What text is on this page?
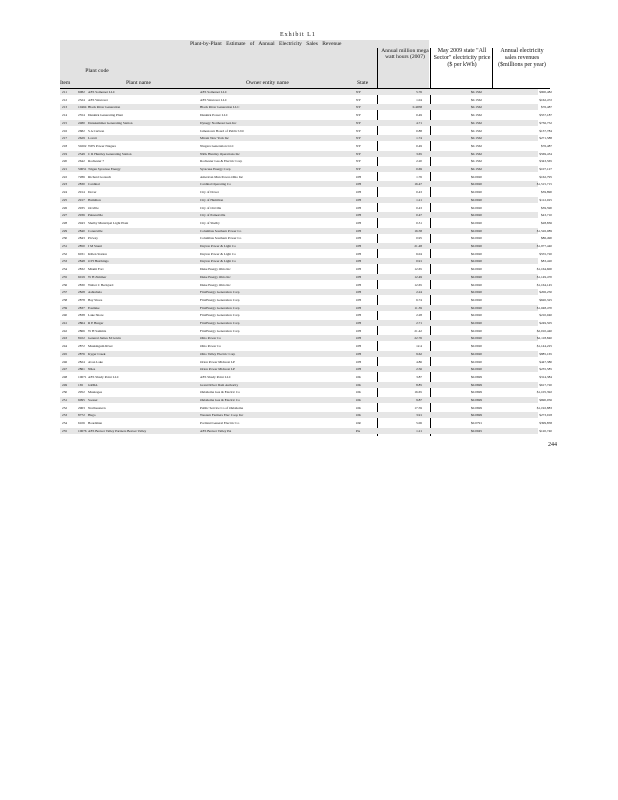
Exhibit L1
Plant-by-Plant Estimate of Annual Electricity Sales Revenue
Item
Plant code
Plant name	Owner entity name	State
Annual million mega watt hours (2007)
May 2009 state "All Sector" electricity price ($ per kWh)
Annual electricity sales revenues ($millions per year)
211	6082 AES Somerset LLC	AES Somerset LLC	NY	5.76	$0.1562	$900,482
212	2324 AES Westover	AES Westover LLC	NY	1.04	$0.1562	$162,472
213	10464 Black River Generation	Black River Generation LLC	NY	0.4958	$0.1562	$76,487
214	2554 Dunkirk Generating Plant	Dunkirk Power LLC	NY	0.49	$0.1562	$557,187
215	2480 Danskammer Generating Station	Dynegy Northeast Gen Inc	NY	4.71	$0.1562	$736,752
216	2682 S A Carlson	Jamestown Board of Public Util	NY	0.88	$0.1562	$137,784
217	2629 Lovett	Mirant New York Inc	NY	1.74	$0.1562	$271,588
218	50202 WPS Power Niagara	Niagara Generation LLC	NY	0.49	$0.1562	$76,487
219	2549 C R Huntley Generating Station	NRG Huntley Operations Inc	NY	3.65	$0.1562	$569,434
220	2642 Rochester 7	Rochester Gas & Electric Corp	NY	2.20	$0.1562	$343,565
221	50651 Trigen Syracuse Energy	Syracuse Energy Corp	NY	0.69	$0.1562	$107,127
222	7286 Richard Gorsuch	American Mun Power-Ohio Inc	OH	1.76	$0.0920	$162,795
223	2830 Cardinal	Cardinal Operating Co	OH	16.47	$0.0920	$1,515,715
224	2914 Dover	City of Dover	OH	0.43	$0.0920	$39,890
225	2917 Hamilton	City of Hamilton	OH	1.21	$0.0920	$112,025
226	2935 Orrville	City of Orrville	OH	0.43	$0.0920	$39,590
227	2936 Painesville	City of Painesville	OH	0.47	$0.0920	$43,710
228	2943 Shelby Municipal Light Plant	City of Shelby	OH	0.31	$0.0920	$28,836
229	2840 Conesville	Columbus Southern Power Co	OH	16.58	$0.0920	$1,526,089
230	2843 Picway	Columbus Southern Power Co	OH	0.95	$0.0920	$86,490
231	2850 J M Stuart	Dayton Power & Light Co	OH	21.48	$0.0920	$1,977,440
232	6031 Killen Station	Dayton Power & Light Co	OH	6.04	$0.0920	$555,720
233	2848 O H Hutchings	Dayton Power & Light Co	OH	0.91	$0.0920	$83,420
234	2832 Miami Fort	Duke Energy Ohio Inc	OH	12.65	$0.0920	$1,164,600
235	6019 W H Zimmer	Duke Energy Ohio Inc	OH	12.49	$0.0920	$1,149,470
236	2830 Walter C Beckjord	Duke Energy Ohio Inc	OH	12.65	$0.0920	$1,164,145
237	2828 Ashtabula	FirstEnergy Generation Corp	OH	2.24	$0.0920	$206,250
238	2878 Bay Shore	FirstEnergy Generation Corp	OH	6.74	$0.0920	$620,325
239	2837 Eastlake	FirstEnergy Generation Corp	OH	11.39	$0.0920	$1,048,470
240	2838 Lake Shore	FirstEnergy Generation Corp	OH	2.28	$0.0920	$210,040
241	2864 R E Burger	FirstEnergy Generation Corp	OH	2.71	$0.0920	$249,505
242	2866 W H Sammis	FirstEnergy Generation Corp	OH	21.42	$0.0920	$2,010,440
243	8102 General James M Gavin	Ohio Power Co	OH	22.76	$0.0920	$2,118,840
244	2872 Muskingum River	Ohio Power Co	OH	12.4	$0.0920	$1,144,225
245	2876 Kyger Creek	Ohio Valley Electric Corp	OH	9.62	$0.0920	$885,165
246	2824 Avon Lake	Orion Power Midwest LP	OH	4.86	$0.0920	$447,380
247	2861 Niles	Orion Power Midwest LP	OH	2.56	$0.0920	$235,585
248	10671 AES Shady Point LLC	AES Shady Point LLC	OK	3.87	$0.0699	$314,384
249	165 GRDA	Grand River Dam Authority	OK	8.85	$0.0699	$617,720
250	2952 Muskogee	Oklahoma Gas & Electric Co	OK	16.65	$0.0699	$1,105,392
251	6095 Sooner	Oklahoma Gas & Electric Co	OK	9.87	$0.0699	$690,056
252	2963 Northeastern	Public Service Co of Oklahoma	OK	17.59	$0.0699	$1,192,883
253	8772 Hugo	Western Farmers Elec Coop Inc	OK	3.91	$0.0699	$273,918
254	6106 Boardman	Portland General Electric Co	OR	5.06	$0.0791	$399,858
255	10676 AES Beaver Valley Partners Beaver Valley	AES Beaver Valley PA	PA	1.21	$0.0945	$120,740
244
